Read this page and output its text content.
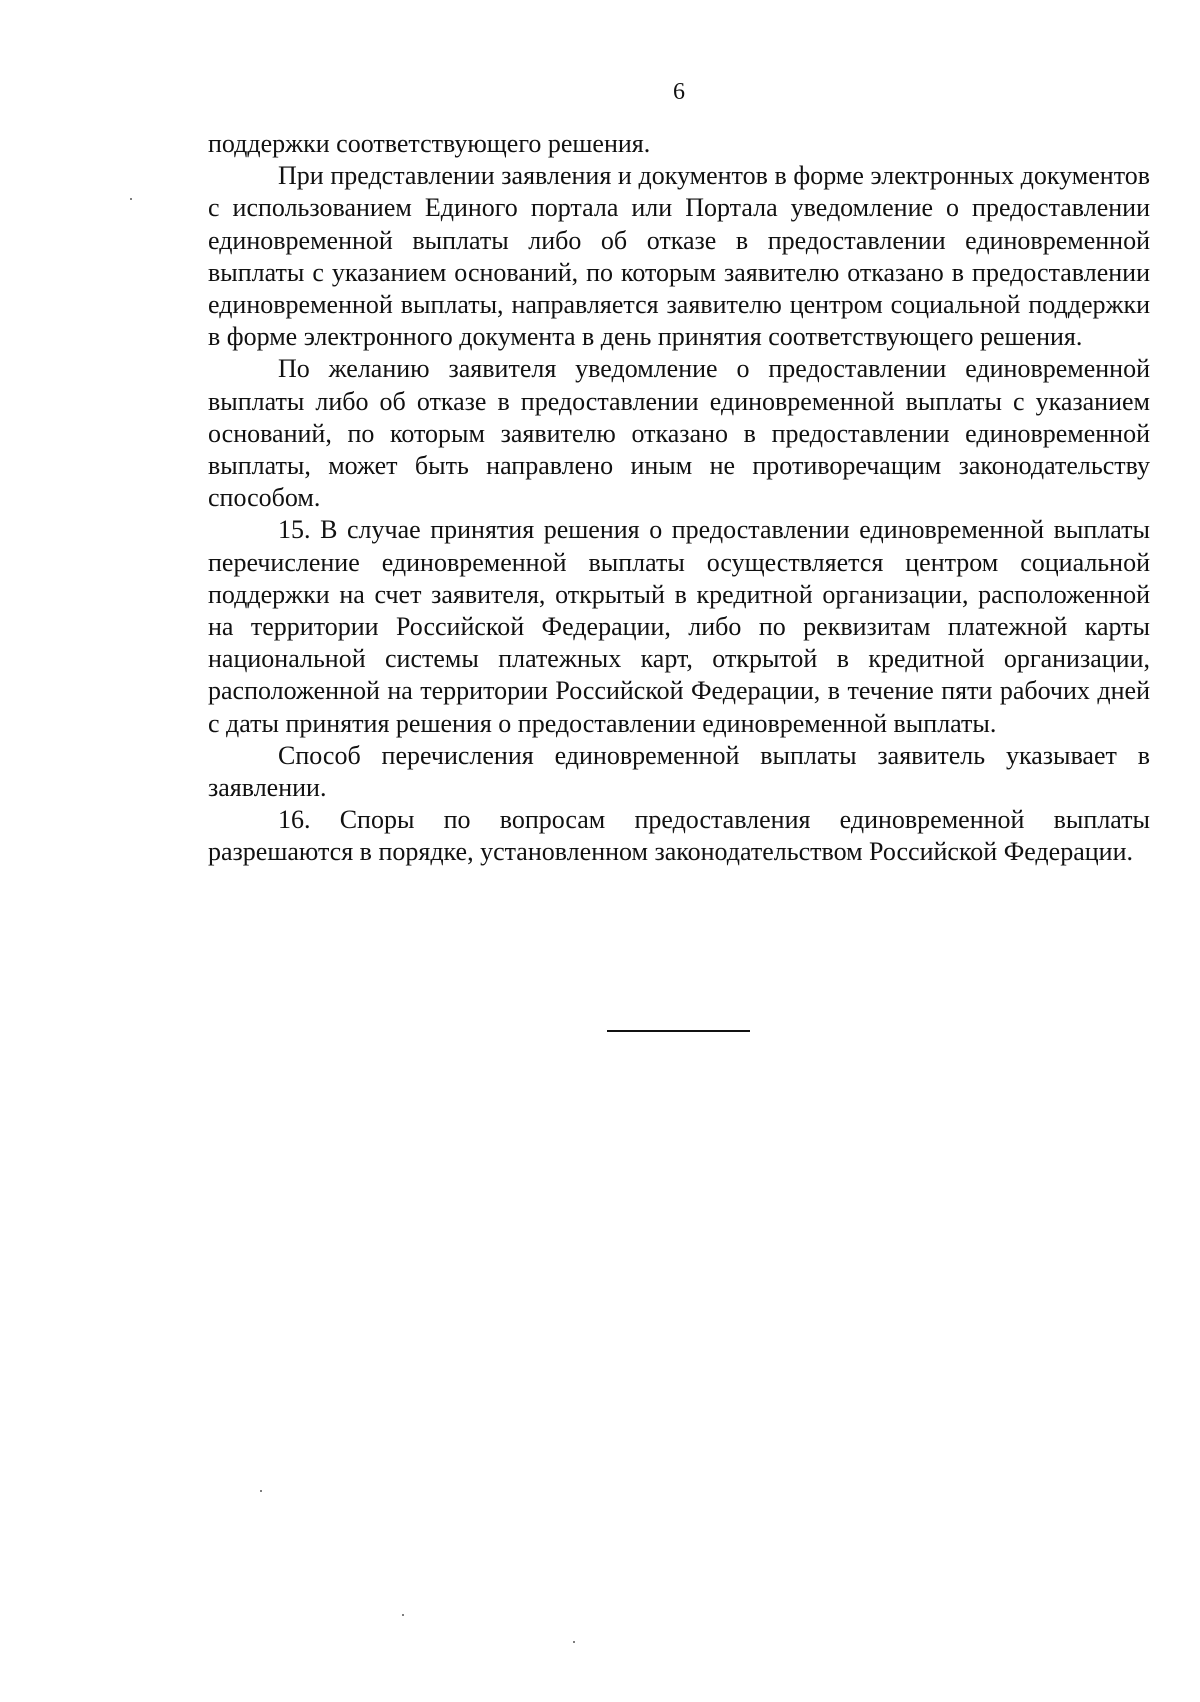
6

поддержки соответствующего решения.

При представлении заявления и документов в форме электронных документов с использованием Единого портала или Портала уведомление о предоставлении единовременной выплаты либо об отказе в предоставлении единовременной выплаты с указанием оснований, по которым заявителю отказано в предоставлении единовременной выплаты, направляется заявителю центром социальной поддержки в форме электронного документа в день принятия соответствующего решения.

По желанию заявителя уведомление о предоставлении единовременной выплаты либо об отказе в предоставлении единовременной выплаты с указанием оснований, по которым заявителю отказано в предоставлении единовременной выплаты, может быть направлено иным не противоречащим законодательству способом.

15. В случае принятия решения о предоставлении единовременной выплаты перечисление единовременной выплаты осуществляется центром социальной поддержки на счет заявителя, открытый в кредитной организации, расположенной на территории Российской Федерации, либо по реквизитам платежной карты национальной системы платежных карт, открытой в кредитной организации, расположенной на территории Российской Федерации, в течение пяти рабочих дней с даты принятия решения о предоставлении единовременной выплаты.

Способ перечисления единовременной выплаты заявитель указывает в заявлении.

16. Споры по вопросам предоставления единовременной выплаты разрешаются в порядке, установленном законодательством Российской Федерации.
